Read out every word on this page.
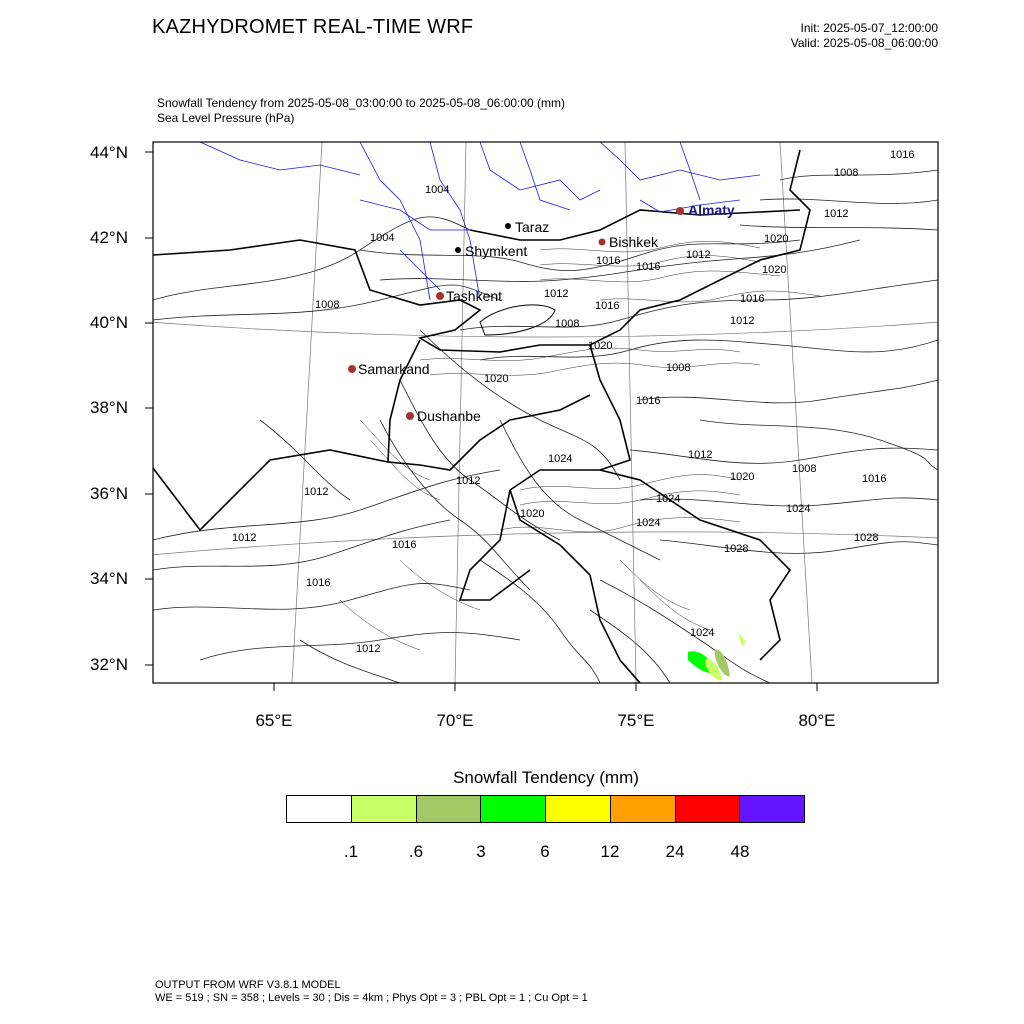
KAZHYDROMET REAL-TIME WRF	Init: 2025-05-07_12:00:00
Valid: 2025-05-08_06:00:00
Snowfall Tendency from 2025-05-08_03:00:00 to 2025-05-08_06:00:00 (mm)
Sea Level Pressure (hPa)
44°N
42°N
40°N
38°N
36°N
34°N
32°N
65°E	70°E	75°E	80°E
Almaty
Taraz
Bishkek
Shymkent
Tashkent
Samarkand
Dushanbe
1004
1004
1008
1008
1012
1012
1012
1012
1012
1012
1012
1012
1016 1016
1016
1016
1016
1016
1016
1016
1020
1020
1020
1020
1020
1020
1024
1024
1024
1024
1028
1028
1008
1008
1008
1012
1016
1024
Snowfall Tendency (mm)
.1	.6	3	6	12	24	48
OUTPUT FROM WRF V3.8.1 MODEL
WE = 519 ; SN = 358 ; Levels = 30 ; Dis = 4km ; Phys Opt = 3 ; PBL Opt = 1 ; Cu Opt = 1
